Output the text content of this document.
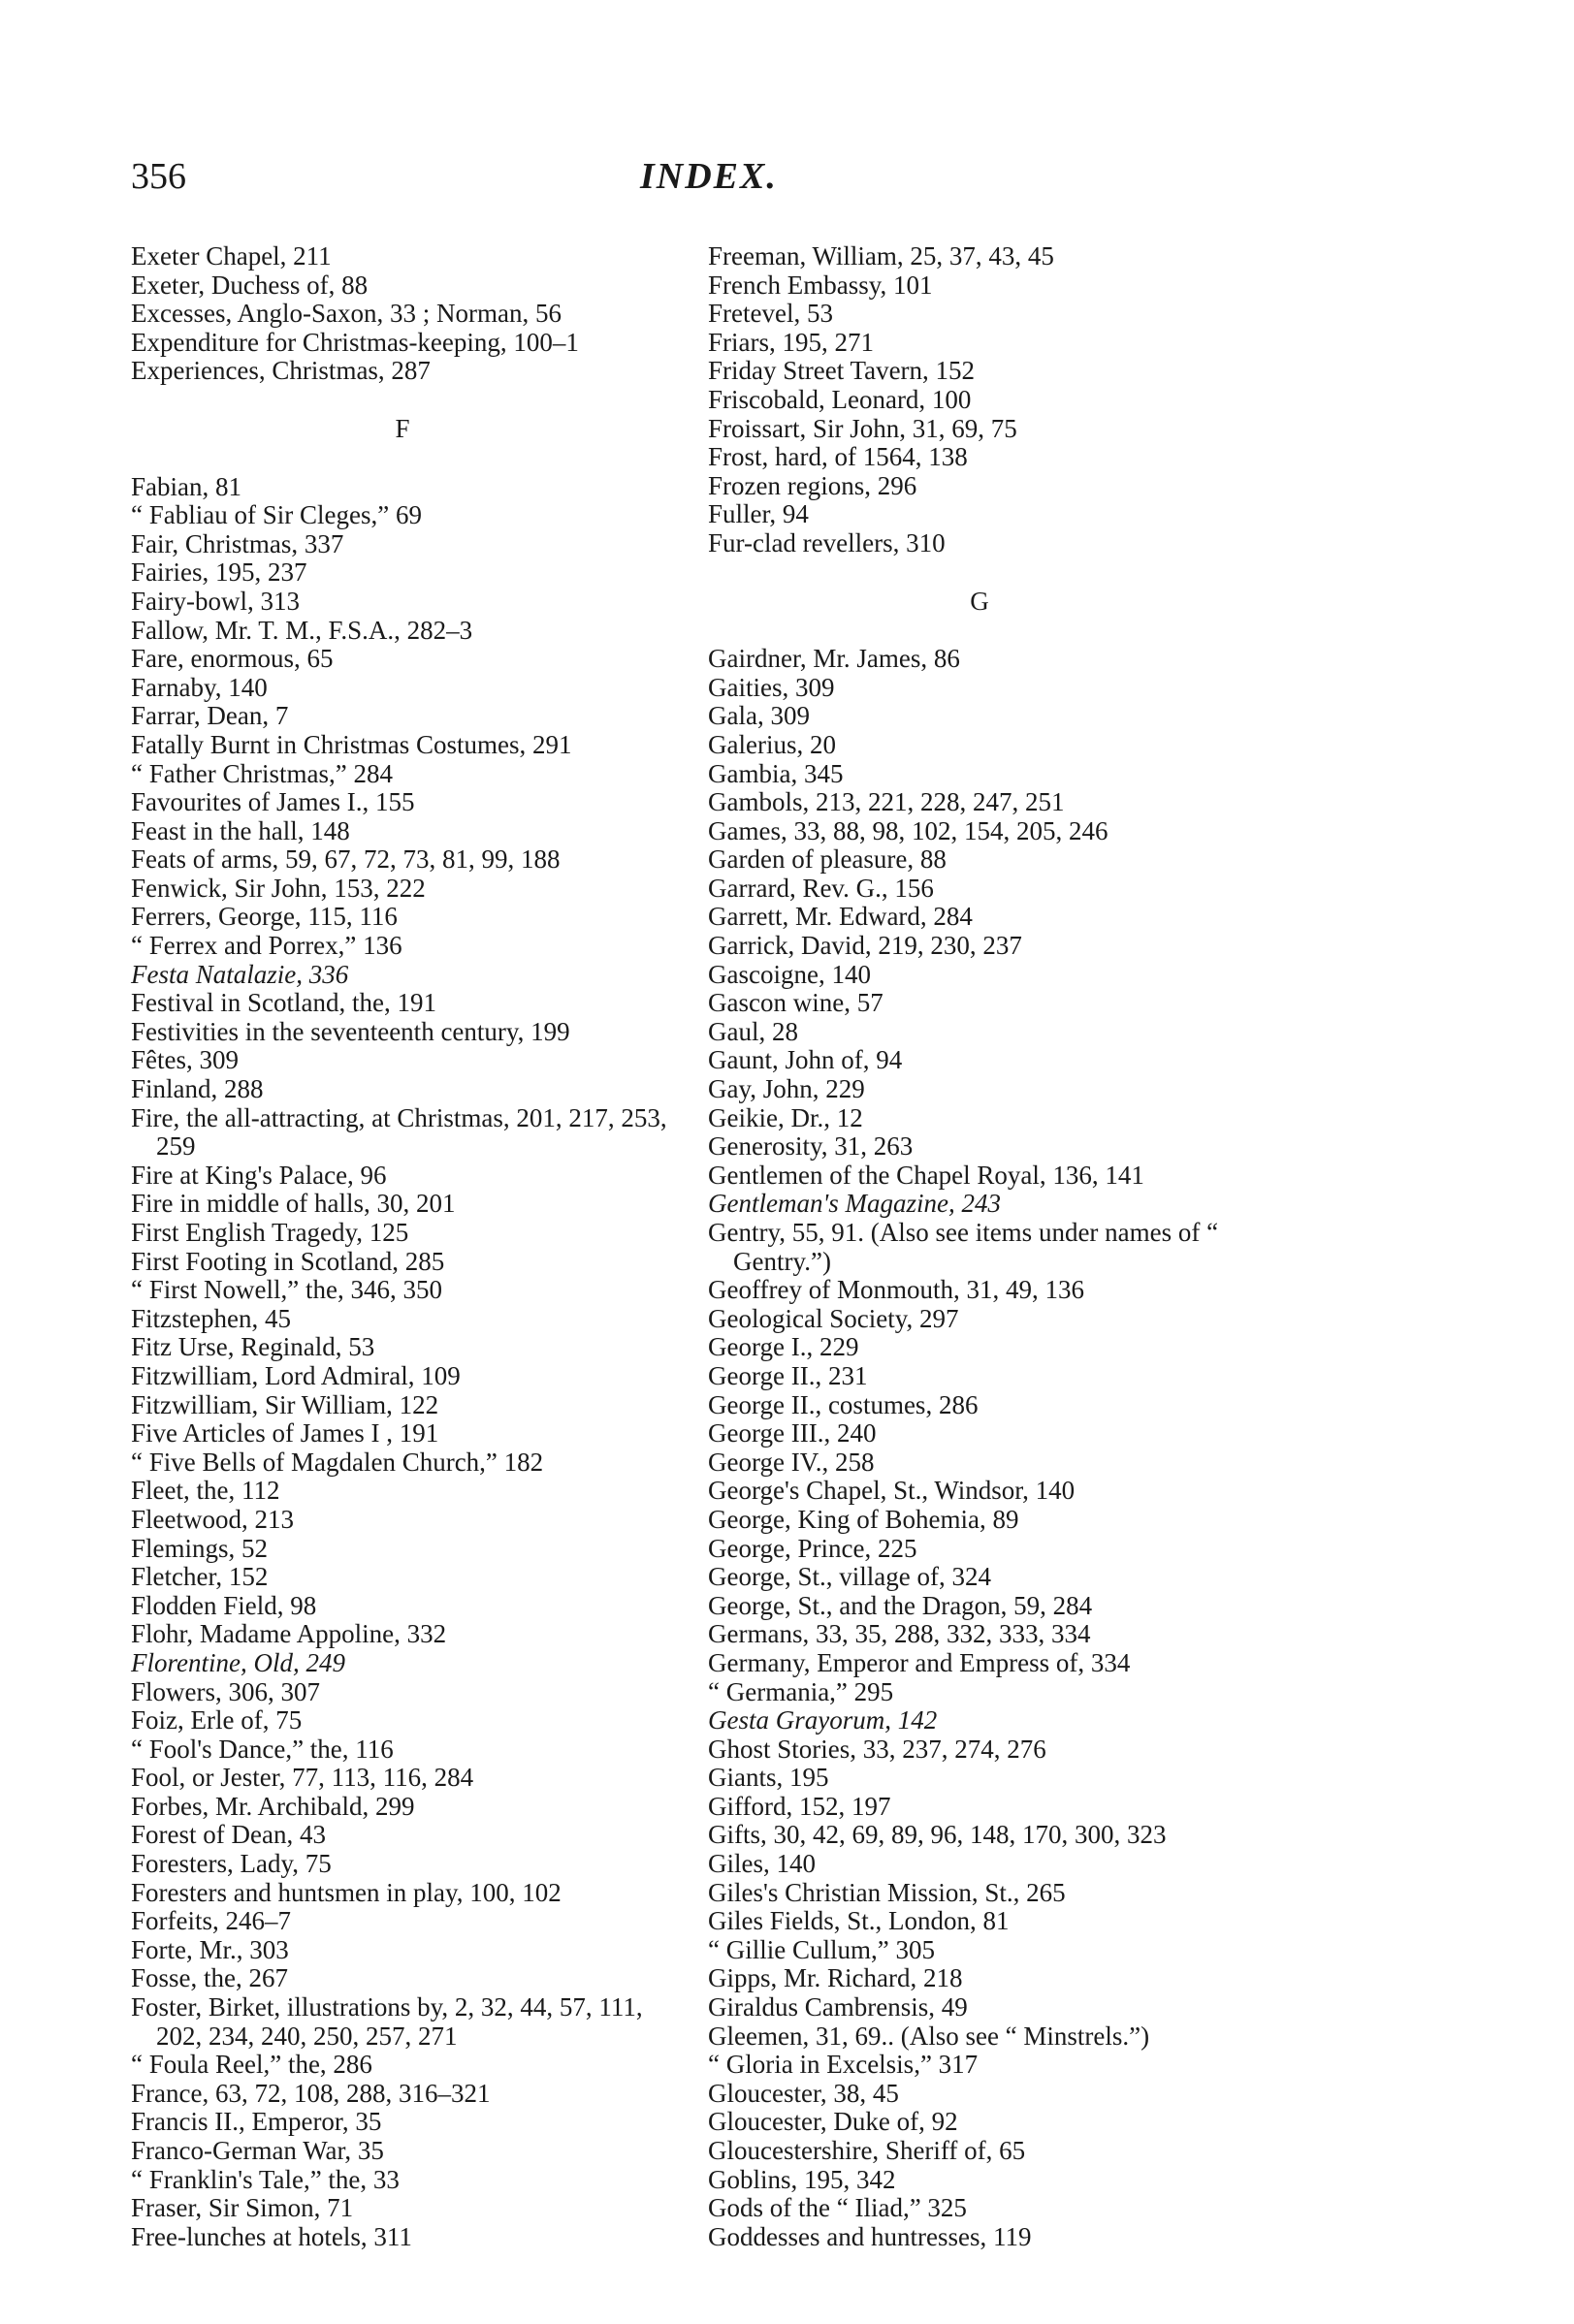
356	INDEX.
Exeter Chapel, 211
Exeter, Duchess of, 88
Excesses, Anglo-Saxon, 33 ; Norman, 56
Expenditure for Christmas-keeping, 100–1
Experiences, Christmas, 287
F
Fabian, 81
“ Fabliau of Sir Cleges,” 69
Fair, Christmas, 337
Fairies, 195, 237
Fairy-bowl, 313
Fallow, Mr. T. M., F.S.A., 282–3
Fare, enormous, 65
Farnaby, 140
Farrar, Dean, 7
Fatally Burnt in Christmas Costumes, 291
“ Father Christmas,” 284
Favourites of James I., 155
Feast in the hall, 148
Feats of arms, 59, 67, 72, 73, 81, 99, 188
Fenwick, Sir John, 153, 222
Ferrers, George, 115, 116
“ Ferrex and Porrex,” 136
Festa Natalazie, 336
Festival in Scotland, the, 191
Festivities in the seventeenth century, 199
Fêtes, 309
Finland, 288
Fire, the all-attracting, at Christmas, 201, 217, 253, 259
Fire at King's Palace, 96
Fire in middle of halls, 30, 201
First English Tragedy, 125
First Footing in Scotland, 285
“ First Nowell,” the, 346, 350
Fitzstephen, 45
Fitz Urse, Reginald, 53
Fitzwilliam, Lord Admiral, 109
Fitzwilliam, Sir William, 122
Five Articles of James I , 191
“ Five Bells of Magdalen Church,” 182
Fleet, the, 112
Fleetwood, 213
Flemings, 52
Fletcher, 152
Flodden Field, 98
Flohr, Madame Appoline, 332
Florentine, Old, 249
Flowers, 306, 307
Foiz, Erle of, 75
“ Fool's Dance,” the, 116
Fool, or Jester, 77, 113, 116, 284
Forbes, Mr. Archibald, 299
Forest of Dean, 43
Foresters, Lady, 75
Foresters and huntsmen in play, 100, 102
Forfeits, 246–7
Forte, Mr., 303
Fosse, the, 267
Foster, Birket, illustrations by, 2, 32, 44, 57, 111, 202, 234, 240, 250, 257, 271
“ Foula Reel,” the, 286
France, 63, 72, 108, 288, 316–321
Francis II., Emperor, 35
Franco-German War, 35
“ Franklin's Tale,” the, 33
Fraser, Sir Simon, 71
Free-lunches at hotels, 311
Freeman, William, 25, 37, 43, 45
French Embassy, 101
Fretevel, 53
Friars, 195, 271
Friday Street Tavern, 152
Friscobald, Leonard, 100
Froissart, Sir John, 31, 69, 75
Frost, hard, of 1564, 138
Frozen regions, 296
Fuller, 94
Fur-clad revellers, 310
G
Gairdner, Mr. James, 86
Gaities, 309
Gala, 309
Galerius, 20
Gambia, 345
Gambols, 213, 221, 228, 247, 251
Games, 33, 88, 98, 102, 154, 205, 246
Garden of pleasure, 88
Garrard, Rev. G., 156
Garrett, Mr. Edward, 284
Garrick, David, 219, 230, 237
Gascoigne, 140
Gascon wine, 57
Gaul, 28
Gaunt, John of, 94
Gay, John, 229
Geikie, Dr., 12
Generosity, 31, 263
Gentlemen of the Chapel Royal, 136, 141
Gentleman's Magazine, 243
Gentry, 55, 91. (Also see items under names of “ Gentry.”)
Geoffrey of Monmouth, 31, 49, 136
Geological Society, 297
George I., 229
George II., 231
George II., costumes, 286
George III., 240
George IV., 258
George's Chapel, St., Windsor, 140
George, King of Bohemia, 89
George, Prince, 225
George, St., village of, 324
George, St., and the Dragon, 59, 284
Germans, 33, 35, 288, 332, 333, 334
Germany, Emperor and Empress of, 334
“ Germania,” 295
Gesta Grayorum, 142
Ghost Stories, 33, 237, 274, 276
Giants, 195
Gifford, 152, 197
Gifts, 30, 42, 69, 89, 96, 148, 170, 300, 323
Giles, 140
Giles's Christian Mission, St., 265
Giles Fields, St., London, 81
“ Gillie Cullum,” 305
Gipps, Mr. Richard, 218
Giraldus Cambrensis, 49
Gleemen, 31, 69.. (Also see “ Minstrels.”)
“ Gloria in Excelsis,” 317
Gloucester, 38, 45
Gloucester, Duke of, 92
Gloucestershire, Sheriff of, 65
Goblins, 195, 342
Gods of the “ Iliad,” 325
Goddesses and huntresses, 119
